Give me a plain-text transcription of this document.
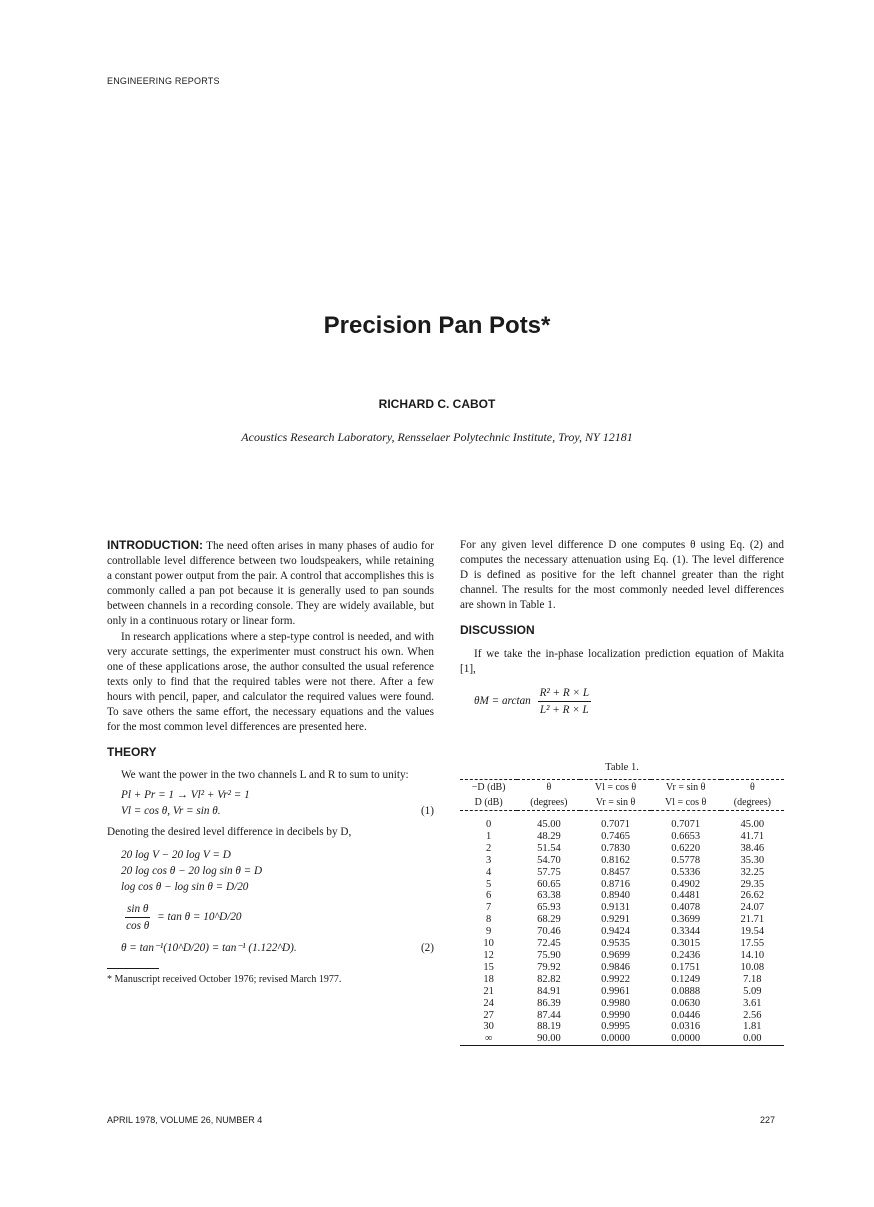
ENGINEERING REPORTS
Precision Pan Pots*
RICHARD C. CABOT
Acoustics Research Laboratory, Rensselaer Polytechnic Institute, Troy, NY 12181

INTRODUCTION: The need often arises in many phases of audio for controllable level difference between two loudspeakers, while retaining a constant power output from the pair. A control that accomplishes this is commonly called a pan pot because it is generally used to pan sounds between channels in a recording console. They are widely available, but only in a continuous rotary or linear form.

In research applications where a step-type control is needed, and with very accurate settings, the experimenter must construct his own. When one of these applications arose, the author consulted the usual reference texts only to find that the required tables were not there. After a few hours with pencil, paper, and calculator the required values were found. To save others the same effort, the necessary equations and the values for the most common level differences are presented here.

THEORY

We want the power in the two channels L and R to sum to unity:

Pl + Pr = 1 → Vl² + Vr² = 1
Vl = cos θ, Vr = sin θ.	(1)

Denoting the desired level difference in decibels by D,

20 log V − 20 log V = D
20 log cos θ − 20 log sin θ = D
log cos θ − log sin θ = D/20
$\frac{\text{sin θ}}{\text{cos θ}} = \tan \theta$ = 10^D/20
θ = tan⁻¹(10^D/20) = tan⁻¹ (1.122^D).	(2)
* Manuscript received October 1976; revised March 1977.

For any given level difference D one computes θ using Eq. (2) and computes the necessary attenuation using Eq. (1). The level difference D is defined as positive for the left channel greater than the right channel. The results for the most commonly needed level differences are shown in Table 1.

DISCUSSION

If we take the in-phase localization prediction equation of Makita [1],

$\theta M = \arctan \frac{\text{R² + R × L}}{\text{L² + R × L}}$
Table 1.
−D (dB)	θ	Vl = cos θ	Vr = sin θ	θ
D (dB)	(degrees)	Vr = sin θ	Vl = cos θ	(degrees)

0	45.00	0.7071	0.7071	45.00
1	48.29	0.7465	0.6653	41.71
2	51.54	0.7830	0.6220	38.46
3	54.70	0.8162	0.5778	35.30
4	57.75	0.8457	0.5336	32.25
5	60.65	0.8716	0.4902	29.35
6	63.38	0.8940	0.4481	26.62
7	65.93	0.9131	0.4078	24.07
8	68.29	0.9291	0.3699	21.71
9	70.46	0.9424	0.3344	19.54
10	72.45	0.9535	0.3015	17.55
12	75.90	0.9699	0.2436	14.10
15	79.92	0.9846	0.1751	10.08
18	82.82	0.9922	0.1249	7.18
21	84.91	0.9961	0.0888	5.09
24	86.39	0.9980	0.0630	3.61
27	87.44	0.9990	0.0446	2.56
30	88.19	0.9995	0.0316	1.81
∞	90.00	0.0000	0.0000	0.00
APRIL 1978, VOLUME 26, NUMBER 4	227
